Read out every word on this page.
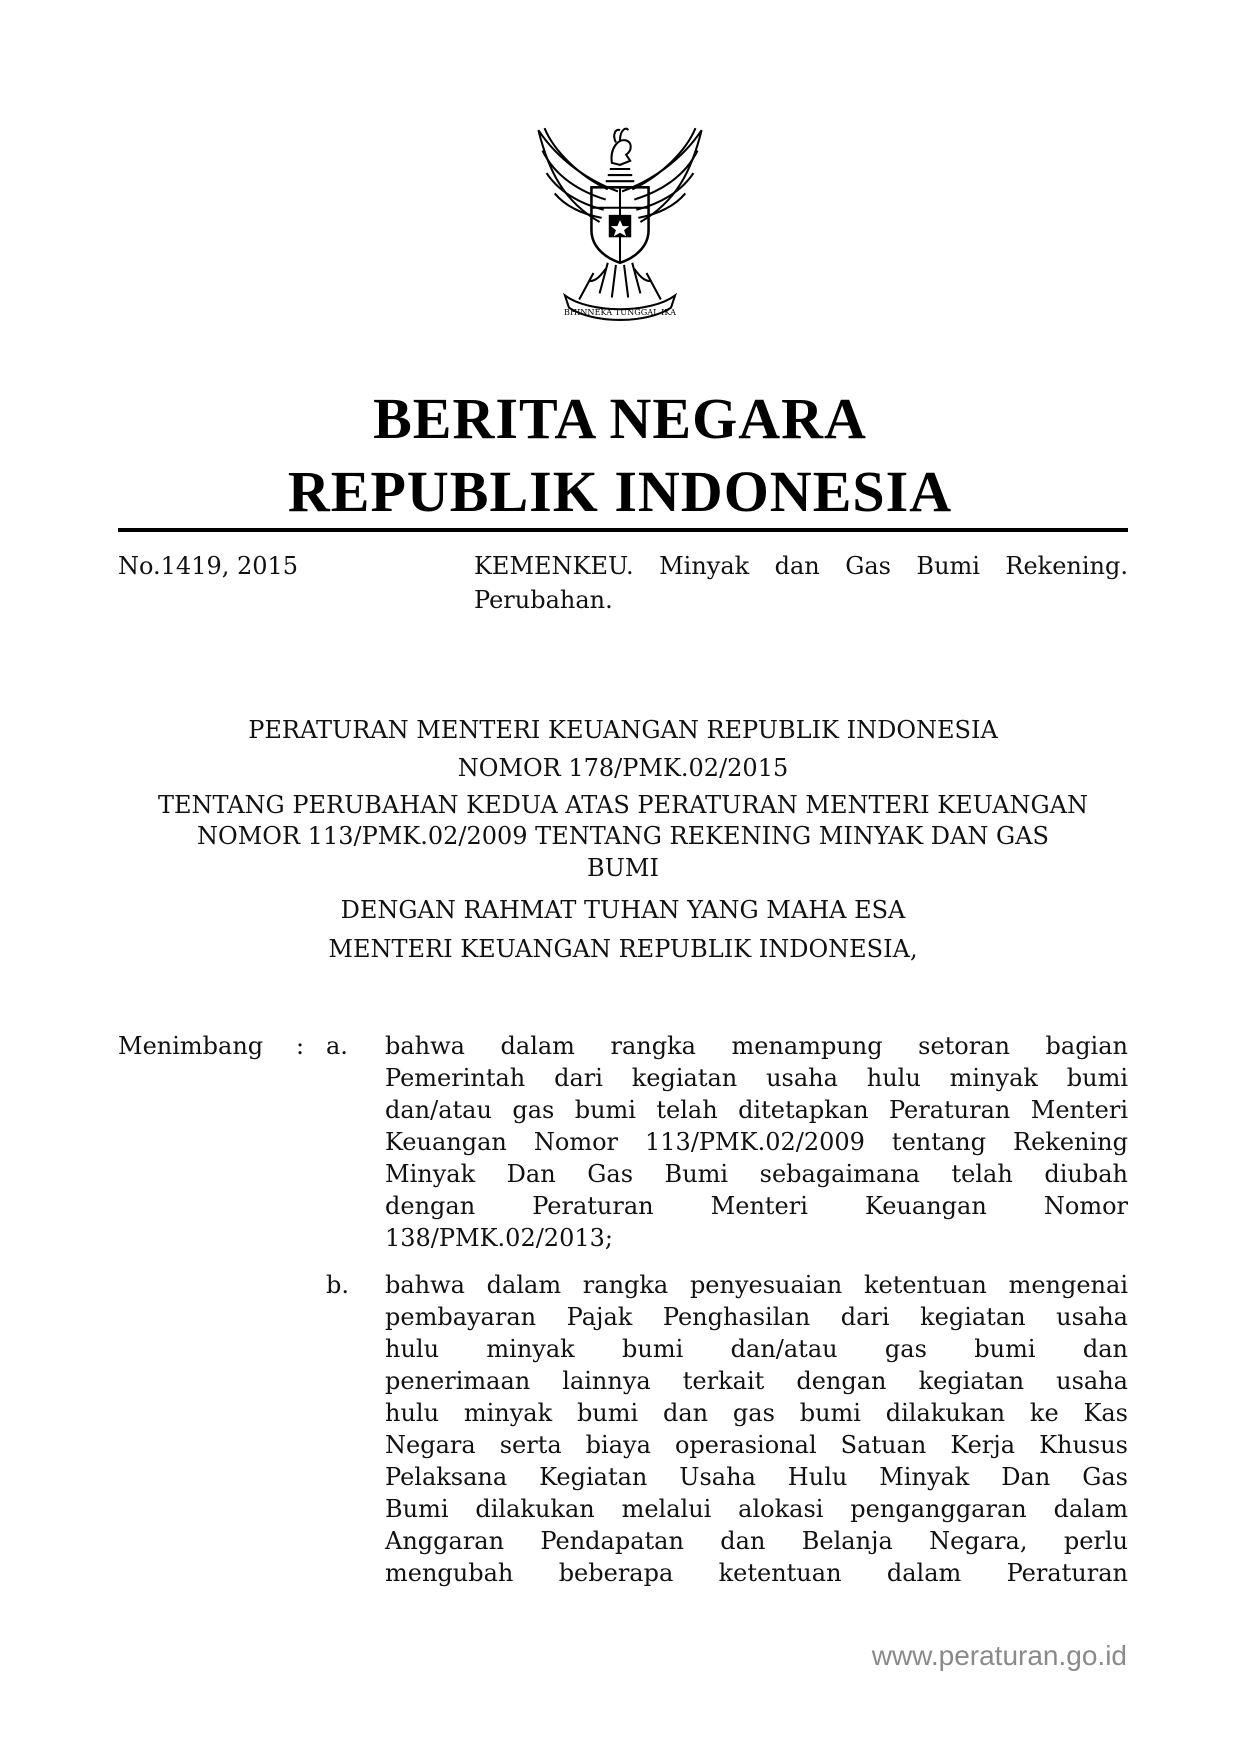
BHINNEKA TUNGGAL IKA
BERITA NEGARA
REPUBLIK INDONESIA
No.1419, 2015	KEMENKEU. Minyak dan Gas Bumi Rekening.
Perubahan.
PERATURAN MENTERI KEUANGAN REPUBLIK INDONESIA
NOMOR 178/PMK.02/2015
TENTANG PERUBAHAN KEDUA ATAS PERATURAN MENTERI KEUANGAN
NOMOR 113/PMK.02/2009 TENTANG REKENING MINYAK DAN GAS
BUMI
DENGAN RAHMAT TUHAN YANG MAHA ESA
MENTERI KEUANGAN REPUBLIK INDONESIA,
Menimbang : a. bahwa dalam rangka menampung setoran bagian
Pemerintah dari kegiatan usaha hulu minyak bumi
dan/atau gas bumi telah ditetapkan Peraturan Menteri
Keuangan Nomor 113/PMK.02/2009 tentang Rekening
Minyak Dan Gas Bumi sebagaimana telah diubah
dengan Peraturan Menteri Keuangan Nomor
138/PMK.02/2013;
b. bahwa dalam rangka penyesuaian ketentuan mengenai
pembayaran Pajak Penghasilan dari kegiatan usaha
hulu minyak bumi dan/atau gas bumi dan
penerimaan lainnya terkait dengan kegiatan usaha
hulu minyak bumi dan gas bumi dilakukan ke Kas
Negara serta biaya operasional Satuan Kerja Khusus
Pelaksana Kegiatan Usaha Hulu Minyak Dan Gas
Bumi dilakukan melalui alokasi penganggaran dalam
Anggaran Pendapatan dan Belanja Negara, perlu
mengubah beberapa ketentuan dalam Peraturan
www.peraturan.go.id
